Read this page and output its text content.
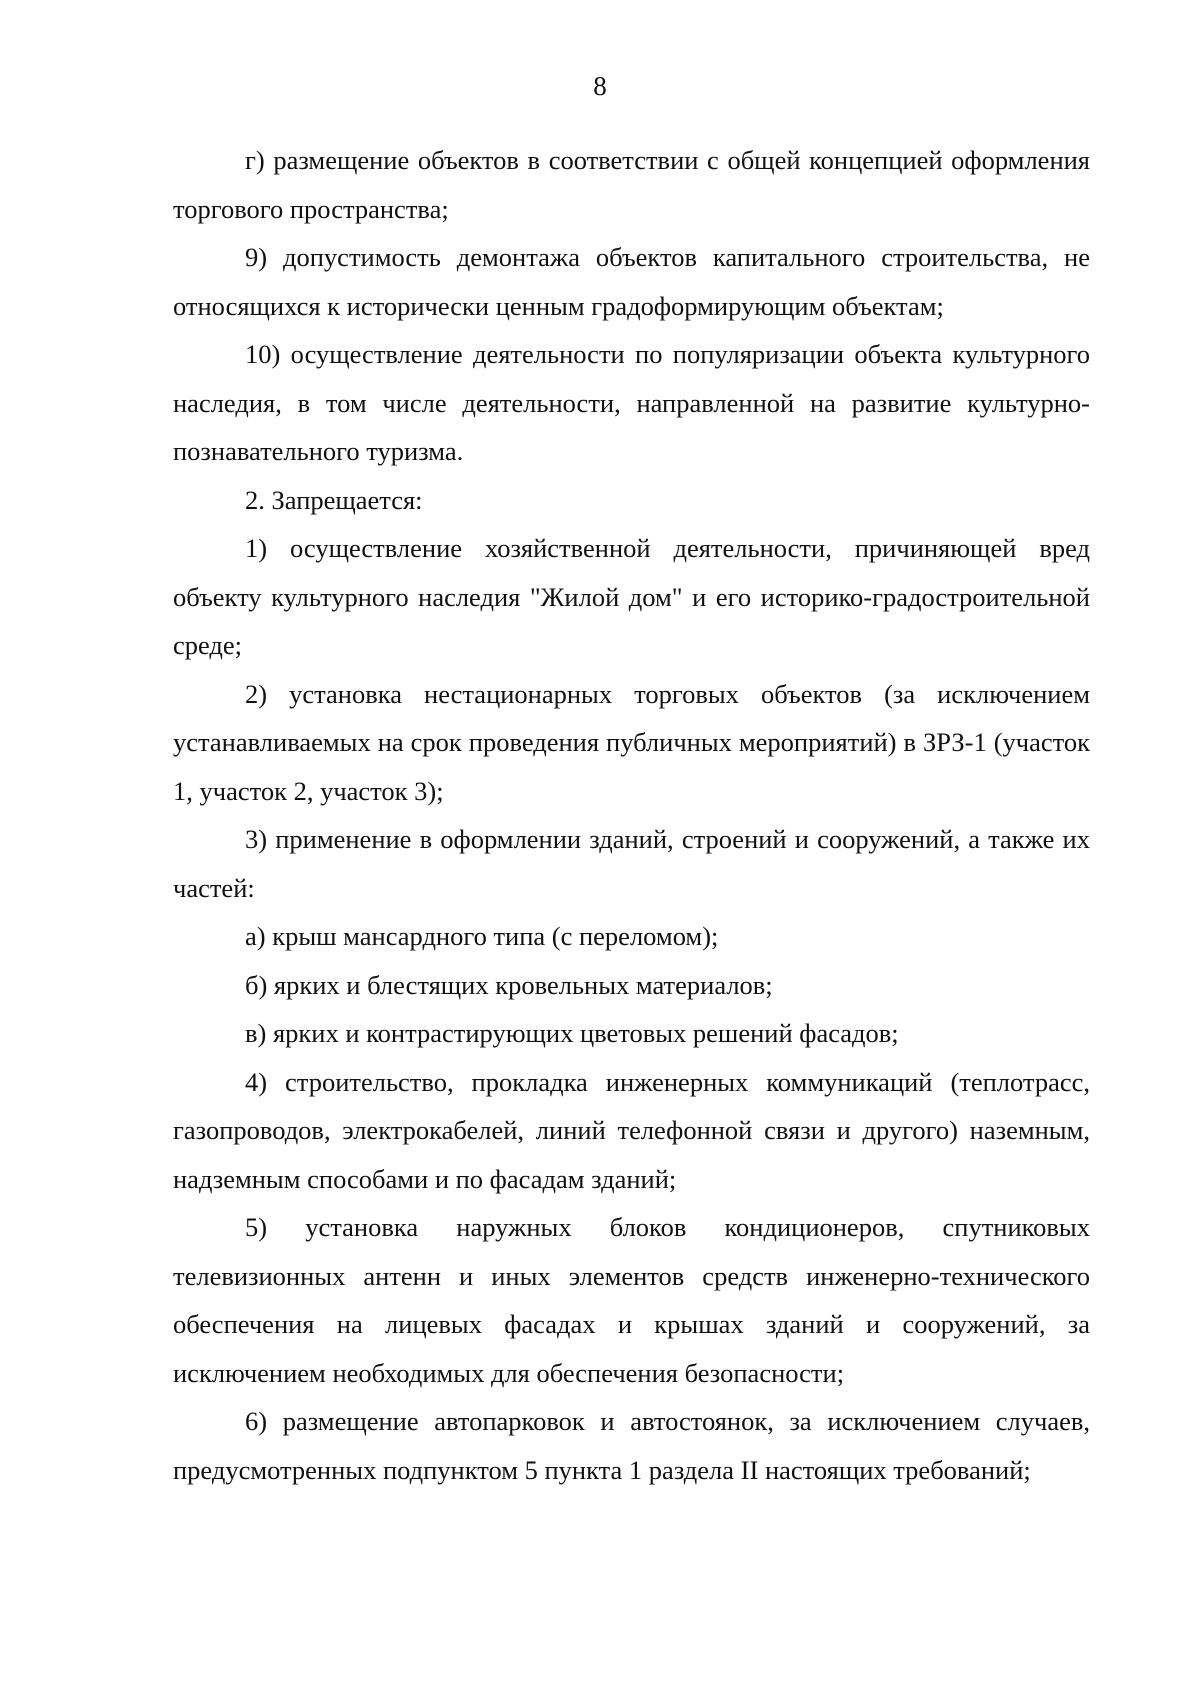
8

г) размещение объектов в соответствии с общей концепцией оформления торгового пространства;

9) допустимость демонтажа объектов капитального строительства, не относящихся к исторически ценным градоформирующим объектам;

10) осуществление деятельности по популяризации объекта культурного наследия, в том числе деятельности, направленной на развитие культурно-познавательного туризма.

2. Запрещается:

1) осуществление хозяйственной деятельности, причиняющей вред объекту культурного наследия "Жилой дом" и его историко-градостроительной среде;

2) установка нестационарных торговых объектов (за исключением устанавливаемых на срок проведения публичных мероприятий) в ЗРЗ-1 (участок 1, участок 2, участок 3);

3) применение в оформлении зданий, строений и сооружений, а также их частей:

а) крыш мансардного типа (с переломом);

б) ярких и блестящих кровельных материалов;

в) ярких и контрастирующих цветовых решений фасадов;

4) строительство, прокладка инженерных коммуникаций (теплотрасс, газопроводов, электрокабелей, линий телефонной связи и другого) наземным, надземным способами и по фасадам зданий;

5) установка наружных блоков кондиционеров, спутниковых телевизионных антенн и иных элементов средств инженерно-технического обеспечения на лицевых фасадах и крышах зданий и сооружений, за исключением необходимых для обеспечения безопасности;

6) размещение автопарковок и автостоянок, за исключением случаев, предусмотренных подпунктом 5 пункта 1 раздела II настоящих требований;
